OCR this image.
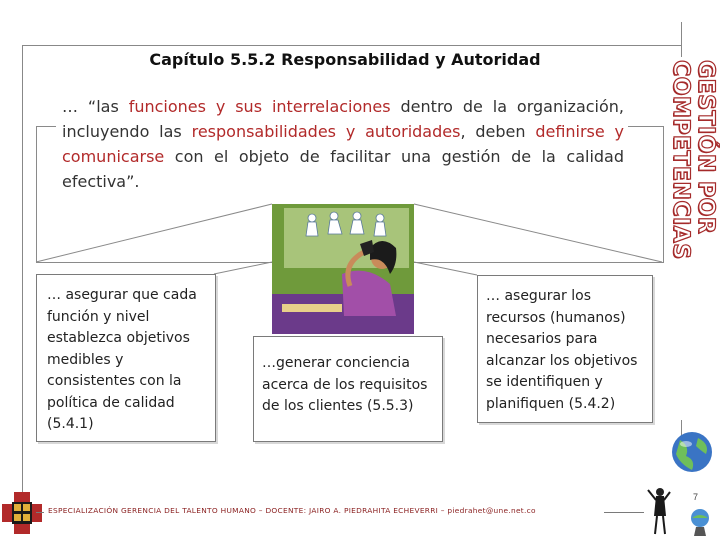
Capítulo 5.5.2 Responsabilidad y Autoridad
… “las funciones y sus interrelaciones dentro de la organización, incluyendo las responsabilidades y autoridades, deben definirse y comunicarse con el objeto de facilitar una gestión de la calidad efectiva”.
… asegurar que cada función y nivel establezca objetivos medibles y consistentes con la política de calidad (5.4.1)
…generar conciencia acerca de los requisitos de los clientes (5.5.3)
… asegurar los recursos (humanos) necesarios para alcanzar los objetivos se identifiquen y planifiquen (5.4.2)
GESTIÓN POR COMPETENCIAS
ESPECIALIZACIÓN GERENCIA DEL TALENTO HUMANO – DOCENTE: JAIRO A. PIEDRAHITA ECHEVERRI – piedrahet@une.net.co
7
